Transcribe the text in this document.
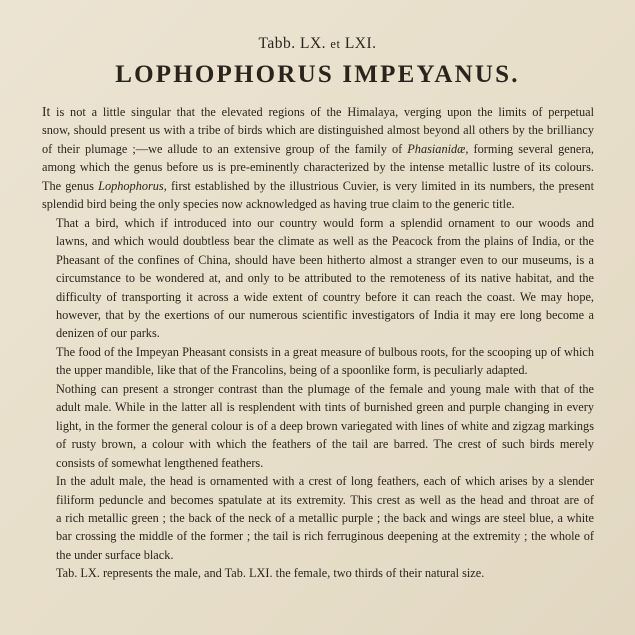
Tabb. LX. et LXI.
LOPHOPHORUS IMPEYANUS.

It is not a little singular that the elevated regions of the Himalaya, verging upon the limits of perpetual
snow, should present us with a tribe of birds which are distinguished almost beyond all others by the brilliancy
of their plumage ;—we allude to an extensive group of the family of Phasianidæ, forming several genera,
among which the genus before us is pre-eminently characterized by the intense metallic lustre of its colours.
The genus Lophophorus, first established by the illustrious Cuvier, is very limited in its numbers, the present
splendid bird being the only species now acknowledged as having true claim to the generic title.

That a bird, which if introduced into our country would form a splendid ornament to our woods and
lawns, and which would doubtless bear the climate as well as the Peacock from the plains of India, or the
Pheasant of the confines of China, should have been hitherto almost a stranger even to our museums, is a
circumstance to be wondered at, and only to be attributed to the remoteness of its native habitat, and the
difficulty of transporting it across a wide extent of country before it can reach the coast. We may hope,
however, that by the exertions of our numerous scientific investigators of India it may ere long become a
denizen of our parks.

The food of the Impeyan Pheasant consists in a great measure of bulbous roots, for the scooping up of which
the upper mandible, like that of the Francolins, being of a spoonlike form, is peculiarly adapted.

Nothing can present a stronger contrast than the plumage of the female and young male with that of the
adult male. While in the latter all is resplendent with tints of burnished green and purple changing in every
light, in the former the general colour is of a deep brown variegated with lines of white and zigzag markings
of rusty brown, a colour with which the feathers of the tail are barred. The crest of such birds merely
consists of somewhat lengthened feathers.

In the adult male, the head is ornamented with a crest of long feathers, each of which arises by a slender
filiform peduncle and becomes spatulate at its extremity. This crest as well as the head and throat are of
a rich metallic green ; the back of the neck of a metallic purple ; the back and wings are steel blue, a white
bar crossing the middle of the former ; the tail is rich ferruginous deepening at the extremity ; the whole of
the under surface black.

Tab. LX. represents the male, and Tab. LXI. the female, two thirds of their natural size.
